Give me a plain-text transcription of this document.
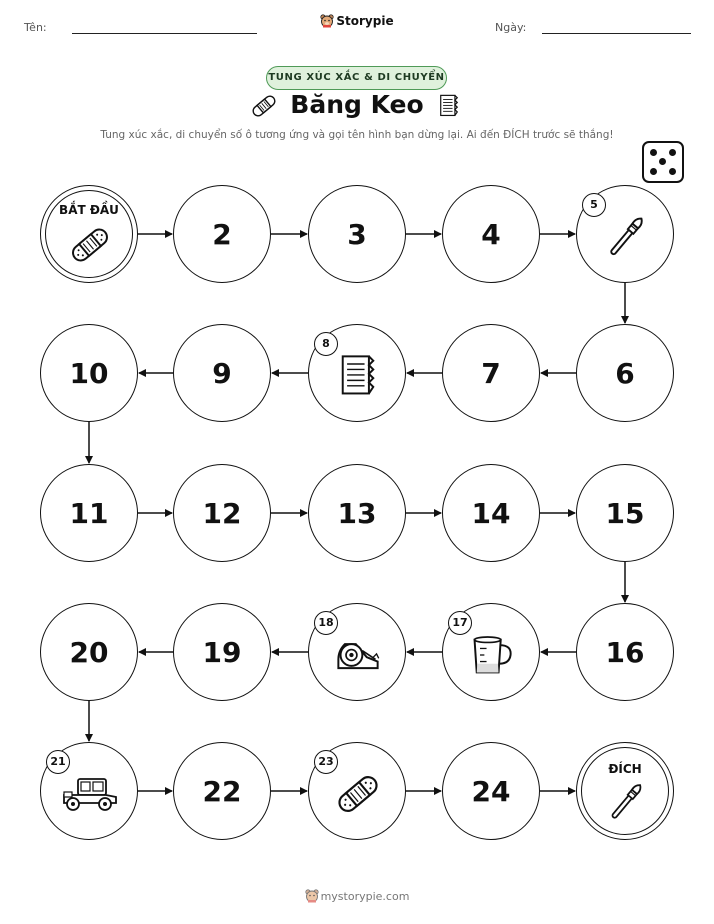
Tên:	Storypie	Ngày:
TUNG XÚC XẮC & DI CHUYỂN
Băng Keo
Tung xúc xắc, di chuyển số ô tương ứng và gọi tên hình bạn dừng lại. Ai đến ĐÍCH trước sẽ thắng!
BẮT ĐẦU
2	3	4
5
6
7
8
9
10
11	12	13	14	15
16
17
18
19
20
21
22
23
24
ĐÍCH
mystorypie.com
